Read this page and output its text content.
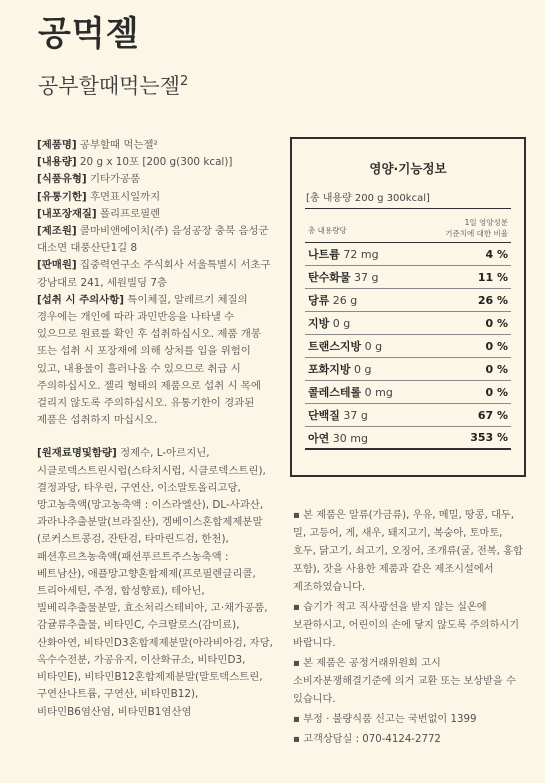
공먹젤
공부할때먹는젤$^2$
[제품명] 공부할때 먹는젤²
[내용량] 20 g x 10포 [200 g(300 kcal)]
[식품유형] 기타가공품
[유통기한] 후면표시일까지
[내포장재질] 폴리프로필렌
[제조원] 콜마비앤에이치(주) 음성공장 충북 음성군 대소면 대풍산단1길 8
[판매원] 집중력연구소 주식회사 서울특별시 서초구 강남대로 241, 세원빌딩 7층
[섭취 시 주의사항] 특이체질, 알레르기 체질의 경우에는 개인에 따라 과민반응을 나타낼 수 있으므로 원료를 확인 후 섭취하십시오. 제품 개봉 또는 섭취 시 포장재에 의해 상처를 입을 위험이 있고, 내용물이 흘러나올 수 있으므로 취급 시 주의하십시오. 젤리 형태의 제품으로 섭취 시 목에 걸리지 않도록 주의하십시오. 유통기한이 경과된 제품은 섭취하지 마십시오.
[원재료명및함량] 정제수, L-아르지닌, 시클로덱스트린시럽(스타치시럽, 시클로덱스트린), 결정과당, 타우린, 구연산, 이소말토올리고당, 망고농축액(망고농축액 : 이스라엘산), DL-사과산, 과라나추출분말(브라질산), 겜베이스혼합제제분말(로커스트콩검, 잔탄검, 타마린드검, 한천), 패션후르츠농축액(패션푸르트주스농축액 : 베트남산), 애플망고향혼합제제(프로필렌글리콜, 트리아세틴, 주정, 합성향료), 테아닌, 빌베리추출물분말, 효소처리스테비아, 고·채가공품, 감귤류추출물, 비타민C, 수크랄로스(감미료), 산화아연, 비타민D3혼합제제분말(아라비아검, 자당, 옥수수전분, 가공유지, 이산화규소, 비타민D3, 비타민E), 비타민B12혼합제제분말(말토덱스트린, 구연산나트륨, 구연산, 비타민B12), 비타민B6염산염, 비타민B1염산염
영양·기능정보
[총 내용량 200 g 300kcal]
총 내용량당
1일 영양성분
기준치에 대한 비율
나트륨 72 mg	4 %
탄수화물 37 g	11 %
당류 26 g	26 %
지방 0 g	0 %
트랜스지방 0 g	0 %
포화지방 0 g	0 %
콜레스테롤 0 mg	0 %
단백질 37 g	67 %
아연 30 mg	353 %
▪ 본 제품은 알류(가금류), 우유, 메밀, 땅콩, 대두, 밀, 고등어, 게, 새우, 돼지고기, 복숭아, 토마토, 호두, 닭고기, 쇠고기, 오징어, 조개류(굴, 전복, 홍합 포함), 잣을 사용한 제품과 같은 제조시설에서 제조하였습니다.
▪ 습기가 적고 직사광선을 받지 않는 실온에 보관하시고, 어린이의 손에 닿지 않도록 주의하시기 바랍니다.
▪ 본 제품은 공정거래위원회 고시 소비자분쟁해결기준에 의거 교환 또는 보상받을 수 있습니다.
▪ 부정 · 불량식품 신고는 국번없이 1399
▪ 고객상담실 : 070-4124-2772
